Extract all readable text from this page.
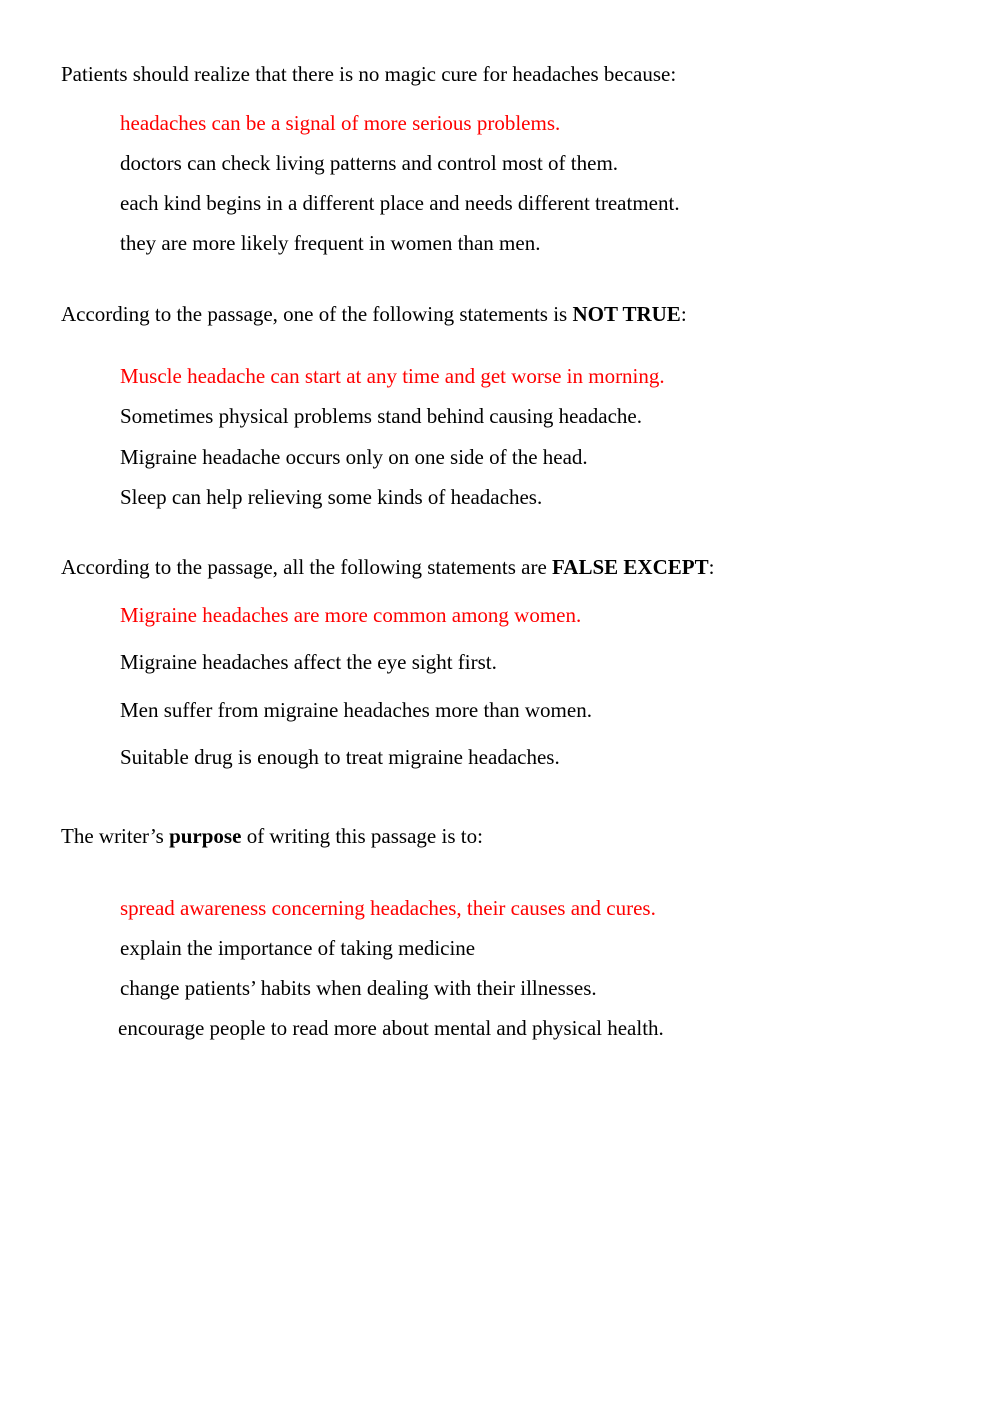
Patients should realize that there is no magic cure for headaches because:
headaches can be a signal of more serious problems.
doctors can check living patterns and control most of them.
each kind begins in a different place and needs different treatment.
they are more likely frequent in women than men.
According to the passage, one of the following statements is NOT TRUE:
Muscle headache can start at any time and get worse in morning.
Sometimes physical problems stand behind causing headache.
Migraine headache occurs only on one side of the head.
Sleep can help relieving some kinds of headaches.
According to the passage, all the following statements are FALSE EXCEPT:
Migraine headaches are more common among women.
Migraine headaches affect the eye sight first.
Men suffer from migraine headaches more than women.
Suitable drug is enough to treat migraine headaches.
The writer’s purpose of writing this passage is to:
spread awareness concerning headaches, their causes and cures.
explain the importance of taking medicine
change patients’ habits when dealing with their illnesses.
encourage people to read more about mental and physical health.
